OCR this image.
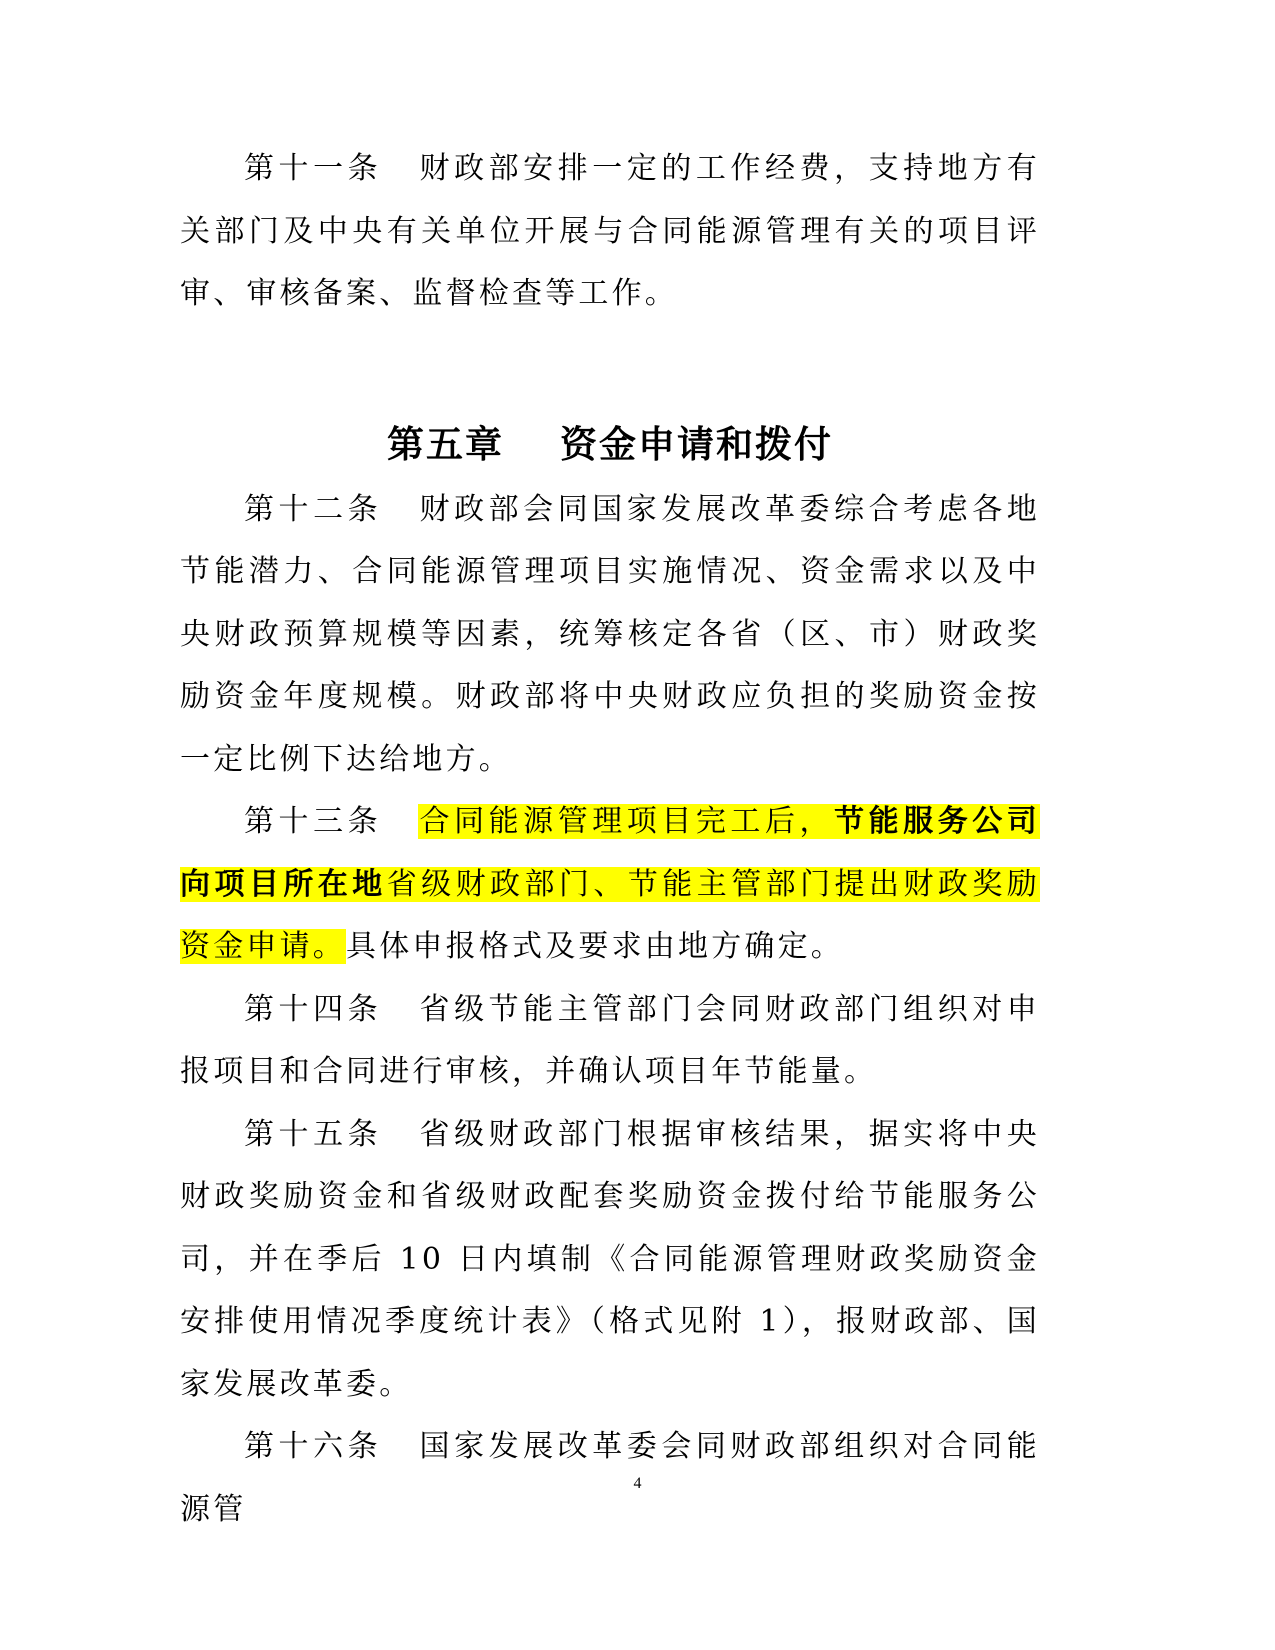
第十一条 财政部安排一定的工作经费，支持地方有关部门及中央有关单位开展与合同能源管理有关的项目评审、审核备案、监督检查等工作。

第五章 资金申请和拨付

第十二条 财政部会同国家发展改革委综合考虑各地节能潜力、合同能源管理项目实施情况、资金需求以及中央财政预算规模等因素，统筹核定各省（区、市）财政奖励资金年度规模。财政部将中央财政应负担的奖励资金按一定比例下达给地方。

第十三条 合同能源管理项目完工后，节能服务公司向项目所在地省级财政部门、节能主管部门提出财政奖励资金申请。具体申报格式及要求由地方确定。

第十四条 省级节能主管部门会同财政部门组织对申报项目和合同进行审核，并确认项目年节能量。

第十五条 省级财政部门根据审核结果，据实将中央财政奖励资金和省级财政配套奖励资金拨付给节能服务公司，并在季后 10 日内填制《合同能源管理财政奖励资金安排使用情况季度统计表》（格式见附 1），报财政部、国家发展改革委。

第十六条 国家发展改革委会同财政部组织对合同能源管

4
